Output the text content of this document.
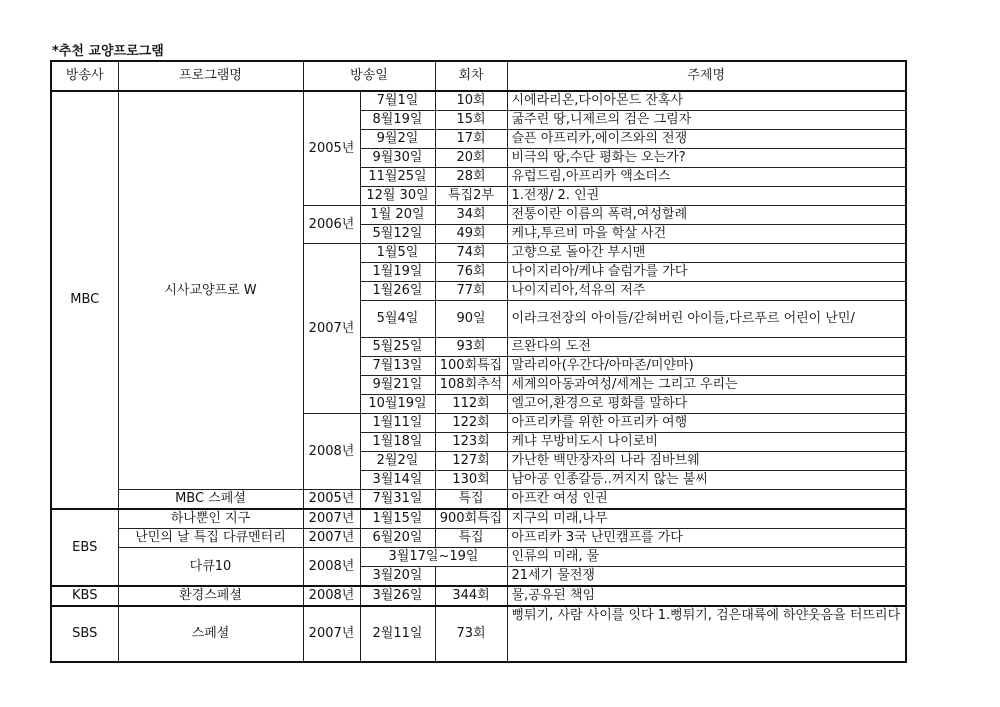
*추천 교양프로그램
방송사	프로그램명	방송일		회차	주제명
MBC	시사교양프로 W	2005년	7월1일	10회	시에라리온,다이아몬드 잔혹사
			8월19일	15회	굶주린 땅,니제르의 검은 그림자
			9월2일	17회	슬픈 아프리카,에이즈와의 전쟁
			9월30일	20회	비극의 땅,수단 평화는 오는가?
			11월25일	28회	유럽드림,아프리카 액소더스
			12월 30일	특집2부	1.전쟁/ 2. 인권
		2006년	1월 20일	34회	전통이란 이름의 폭력,여성할례
			5월12일	49회	케냐,투르비 마을 학살 사건
		2007년	1월5일	74회	고향으로 돌아간 부시맨
			1월19일	76회	나이지리아/케냐 슬럼가를 가다
			1월26일	77회	나이지리아,석유의 저주
			5월4일	90일	이라크전장의 아이들/갇혀버린 아이들,다르푸르 어린이 난민/
			5월25일	93회	르완다의 도전
			7월13일	100회특집	말라리아(우간다/아마존/미얀마)
			9월21일	108회추석	세계의아동과여성/세계는 그리고 우리는
			10월19일	112회	엘고어,환경으로 평화를 말하다
		2008년	1월11일	122회	아프리카를 위한 아프리카 여행
			1월18일	123회	케냐 무방비도시 나이로비
			2월2일	127회	가난한 백만장자의 나라 짐바브웨
			3월14일	130회	남아공 인종갈등..꺼지지 않는 불씨
	MBC 스페셜	2005년	7월31일	특집	아프칸 여성 인권
EBS	하나뿐인 지구	2007년	1월15일	900회특집	지구의 미래,나무
	난민의 날 특집 다큐멘터리	2007년	6월20일	특집	아프리카 3국 난민캠프를 가다
	다큐10	2008년	3월17일~19일		인류의 미래, 물
			3월20일		21세기 물전쟁
KBS	환경스페셜	2008년	3월26일	344회	물,공유된 책임
SBS	스페셜	2007년	2월11일	73회	뻥튀기, 사람 사이를 잇다 1.뻥튀기, 검은대륙에 하얀웃음을 터뜨리다
